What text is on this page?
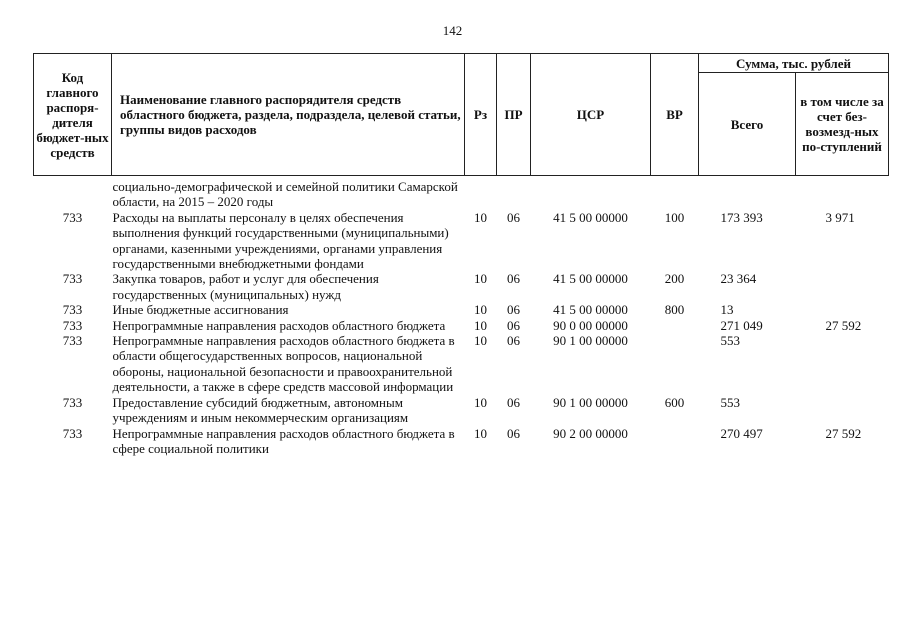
142
Код главного распоря-дителя бюджет-ных средств	Наименование главного распорядителя средств областного бюджета, раздела, подраздела, целевой статьи, группы видов расходов	Рз	ПР	ЦСР	ВР	Сумма, тыс. рублей	
						Всего	в том числе за счет без-возмезд-ных по-ступлений
	социально-демографической и семейной политики Самарской области, на 2015 – 2020 годы						
733	Расходы на выплаты персоналу в целях обеспечения выполнения функций государственными (муниципальными) органами, казенными учреждениями, органами управления государственными внебюджетными фондами	10	06	41 5 00 00000	100	173 393	3 971
733	Закупка товаров, работ и услуг для обеспечения государственных (муниципальных) нужд	10	06	41 5 00 00000	200	23 364	
733	Иные бюджетные ассигнования	10	06	41 5 00 00000	800	13	
733	Непрограммные направления расходов областного бюджета	10	06	90 0 00 00000		271 049	27 592
733	Непрограммные направления расходов областного бюджета в области общегосударственных вопросов, национальной обороны, национальной безопасности и правоохранительной деятельности, а также в сфере средств массовой информации	10	06	90 1 00 00000		553	
733	Предоставление субсидий бюджетным, автономным учреждениям и иным некоммерческим организациям	10	06	90 1 00 00000	600	553	
733	Непрограммные направления расходов областного бюджета в сфере социальной политики	10	06	90 2 00 00000		270 497	27 592
